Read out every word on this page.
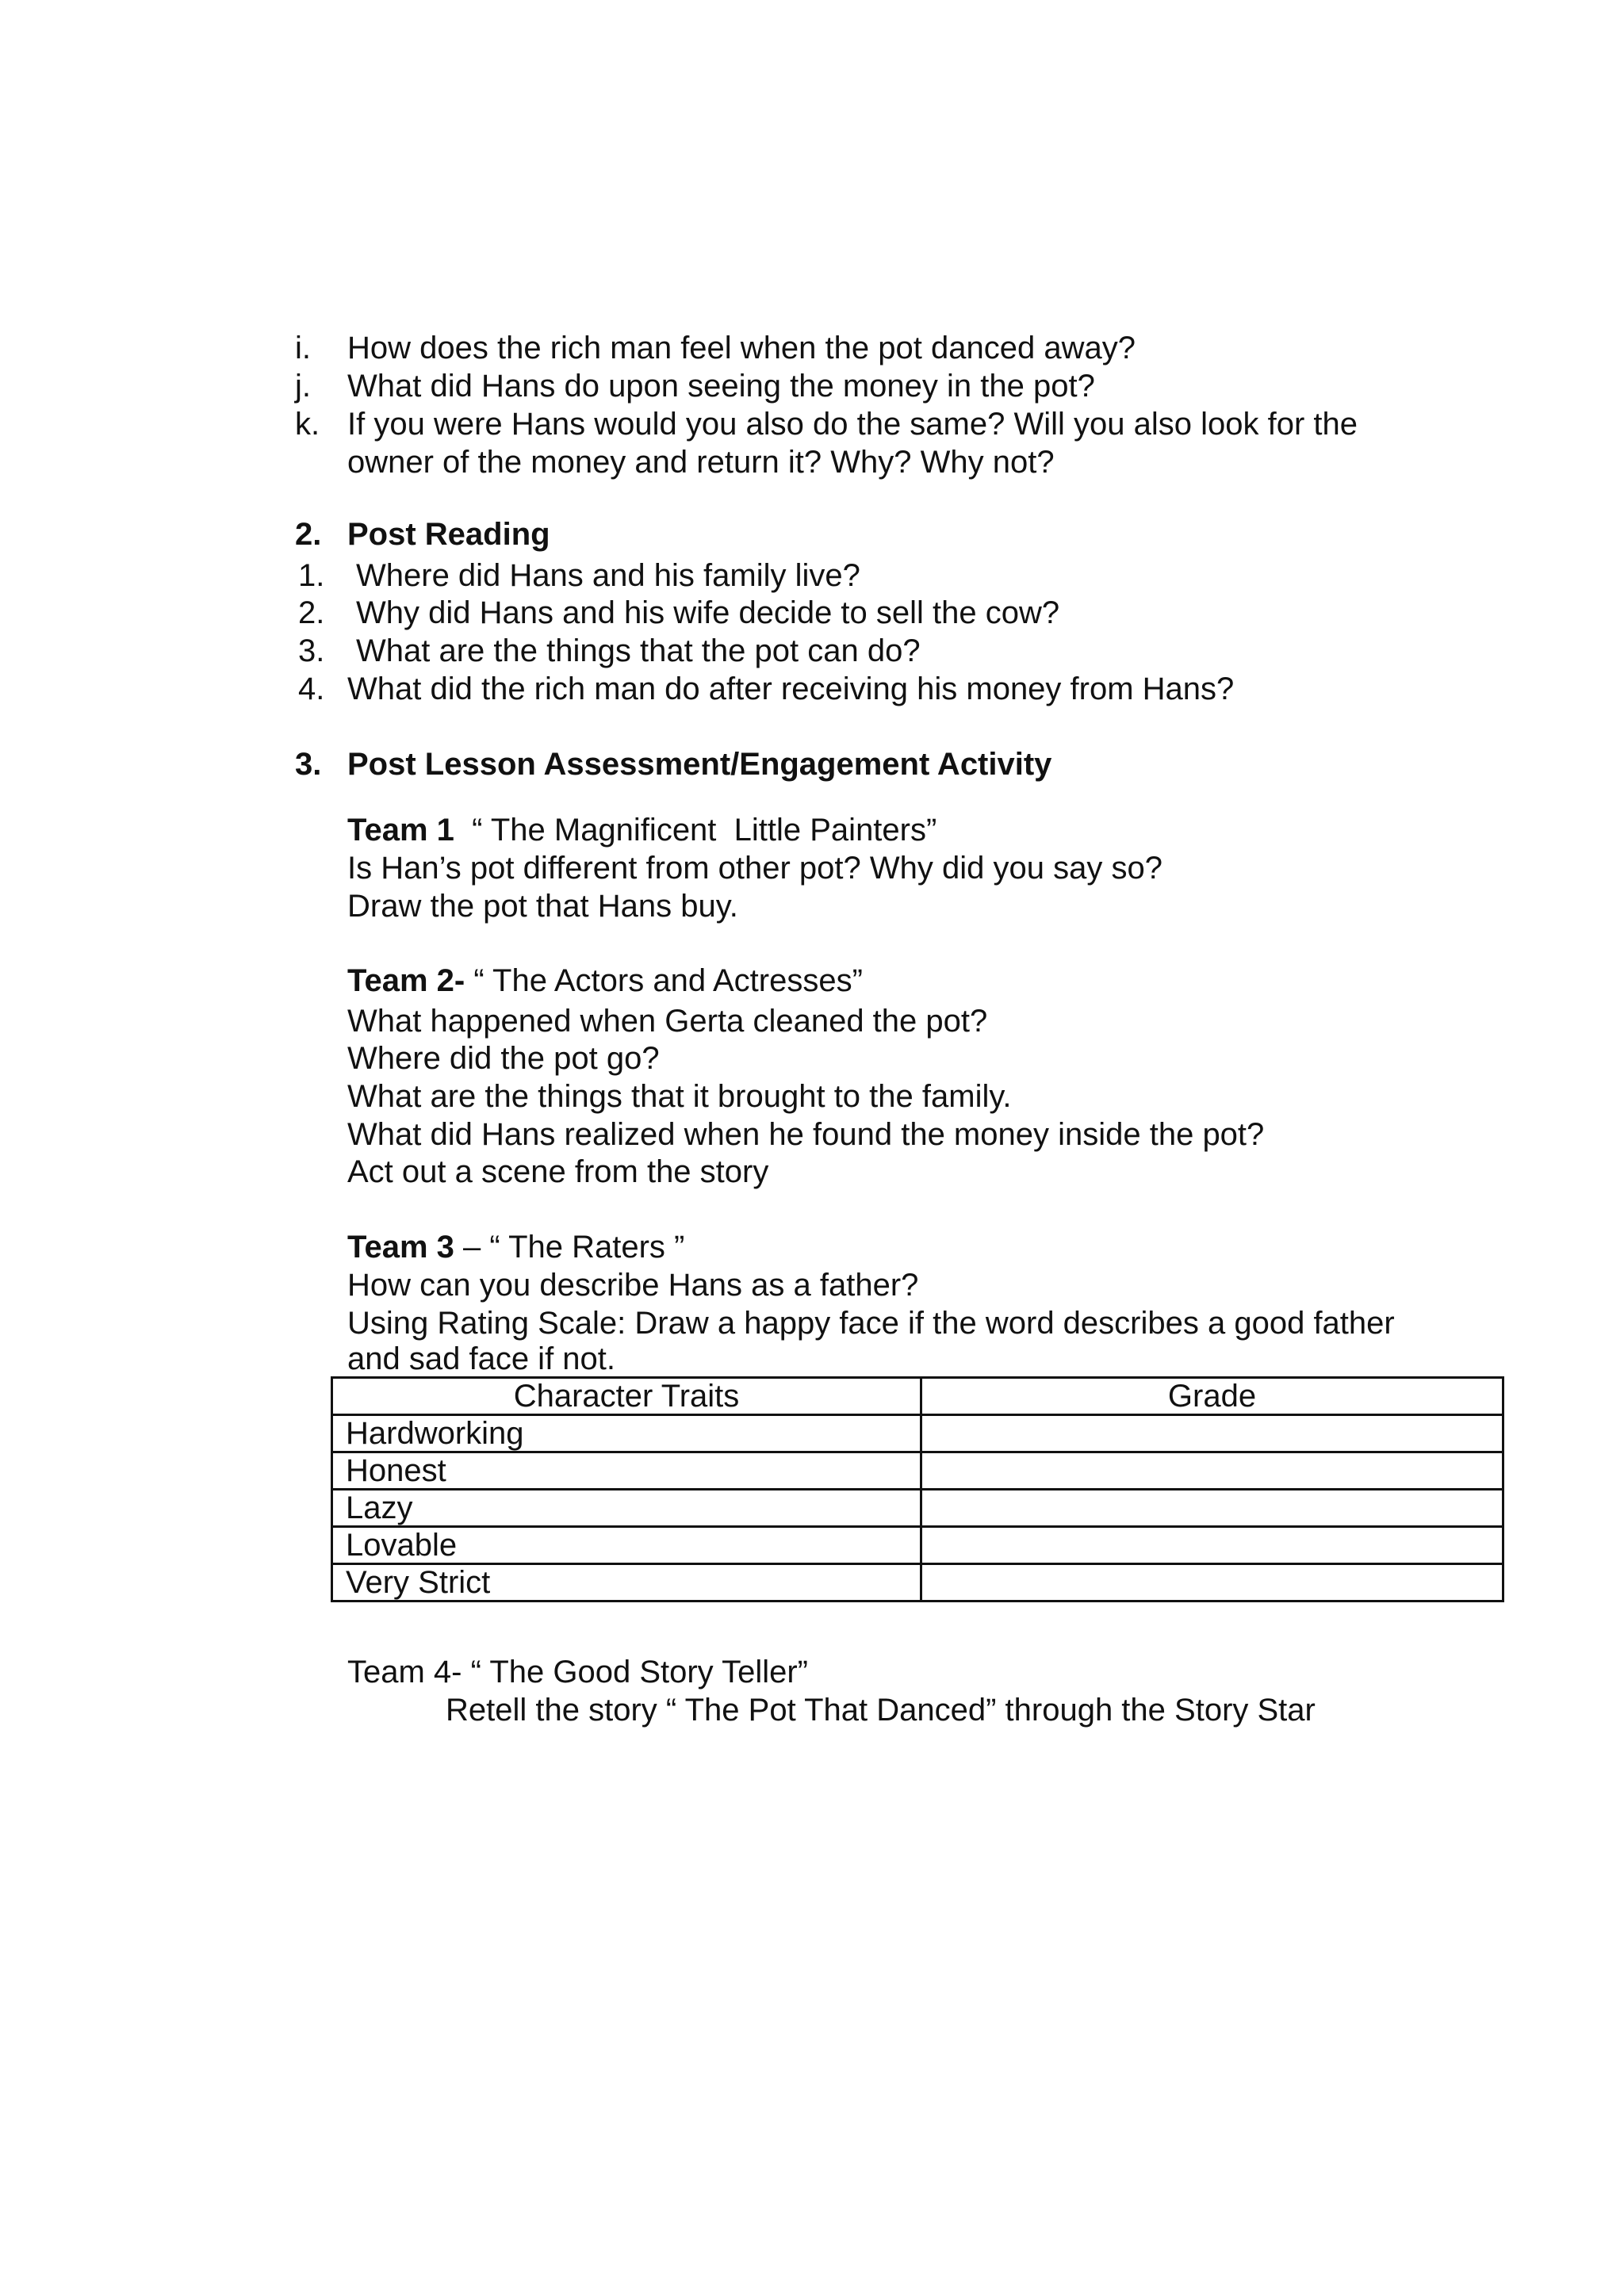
i. How does the rich man feel when the pot danced away?
j. What did Hans do upon seeing the money in the pot?
k. If you were Hans would you also do the same? Will you also look for the
owner of the money and return it? Why? Why not?
2. Post Reading
1. Where did Hans and his family live?
2. Why did Hans and his wife decide to sell the cow?
3. What are the things that the pot can do?
4. What did the rich man do after receiving his money from Hans?
3. Post Lesson Assessment/Engagement Activity
Team 1  “ The Magnificent  Little Painters”
Is Han’s pot different from other pot? Why did you say so?
Draw the pot that Hans buy.
Team 2- “ The Actors and Actresses”
What happened when Gerta cleaned the pot?
Where did the pot go?
What are the things that it brought to the family.
What did Hans realized when he found the money inside the pot?
Act out a scene from the story
Team 3 – “ The Raters ”
How can you describe Hans as a father?
Using Rating Scale: Draw a happy face if the word describes a good father
and sad face if not.
Character Traits	Grade
Hardworking	
Honest	
Lazy	
Lovable	
Very Strict	
Team 4- “ The Good Story Teller”
Retell the story “ The Pot That Danced” through the Story Star
